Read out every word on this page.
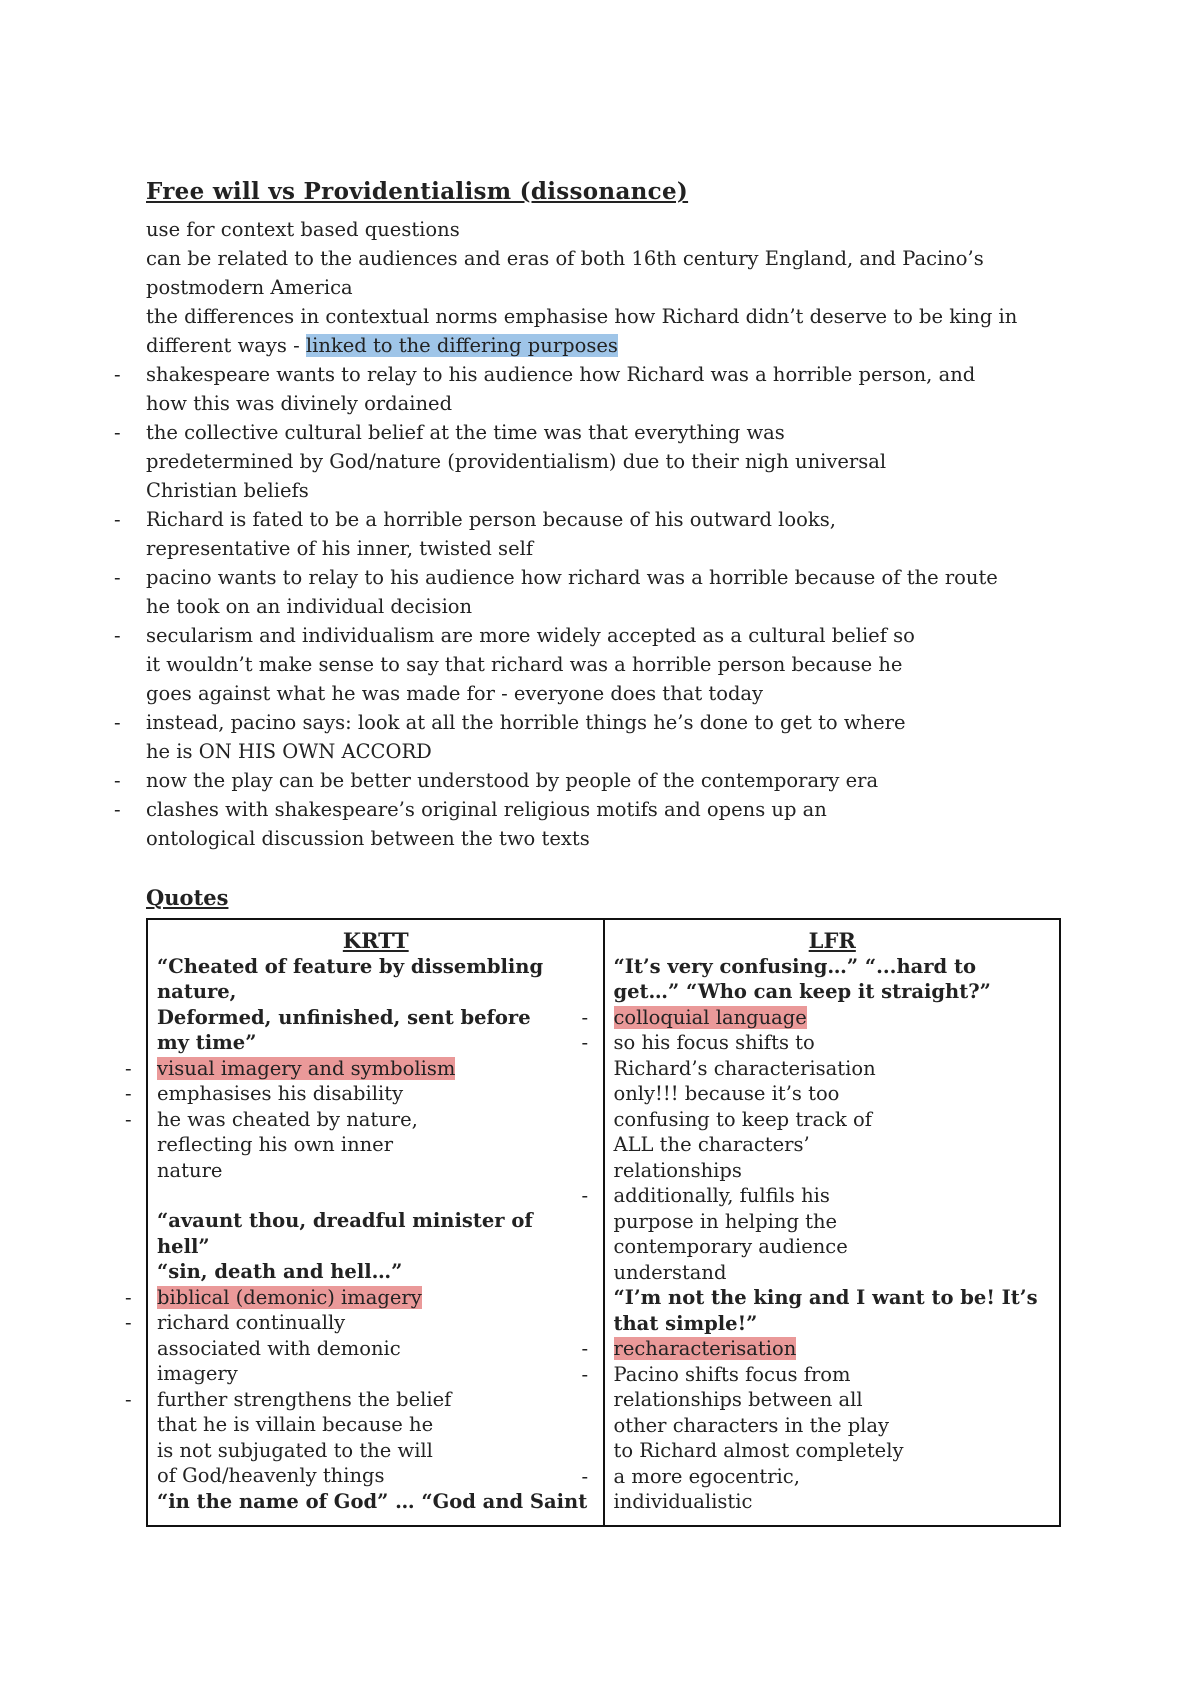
Free will vs Providentialism (dissonance)
use for context based questions
can be related to the audiences and eras of both 16th century England, and Pacino’s
postmodern America
the differences in contextual norms emphasise how Richard didn’t deserve to be king in
different ways - linked to the differing purposes
- shakespeare wants to relay to his audience how Richard was a horrible person, and
how this was divinely ordained
- the collective cultural belief at the time was that everything was
predetermined by God/nature (providentialism) due to their nigh universal
Christian beliefs
- Richard is fated to be a horrible person because of his outward looks,
representative of his inner, twisted self
- pacino wants to relay to his audience how richard was a horrible because of the route
he took on an individual decision
- secularism and individualism are more widely accepted as a cultural belief so
it wouldn’t make sense to say that richard was a horrible person because he
goes against what he was made for - everyone does that today
- instead, pacino says: look at all the horrible things he’s done to get to where
he is ON HIS OWN ACCORD
- now the play can be better understood by people of the contemporary era
- clashes with shakespeare’s original religious motifs and opens up an
ontological discussion between the two texts
Quotes
KRTT
“Cheated of feature by dissembling
nature,
Deformed, unfinished, sent before
my time”
- visual imagery and symbolism
- emphasises his disability
- he was cheated by nature,
reflecting his own inner
nature
“avaunt thou, dreadful minister of
hell”
“sin, death and hell…”
- biblical (demonic) imagery
- richard continually
associated with demonic
imagery
- further strengthens the belief
that he is villain because he
is not subjugated to the will
of God/heavenly things
“in the name of God” … “God and Saint

LFR
“It’s very confusing…” “...hard to
get…” “Who can keep it straight?”
- colloquial language
- so his focus shifts to
Richard’s characterisation
only!!! because it’s too
confusing to keep track of
ALL the characters’
relationships
- additionally, fulfils his
purpose in helping the
contemporary audience
understand
“I’m not the king and I want to be! It’s
that simple!”
- recharacterisation
- Pacino shifts focus from
relationships between all
other characters in the play
to Richard almost completely
- a more egocentric,
individualistic
